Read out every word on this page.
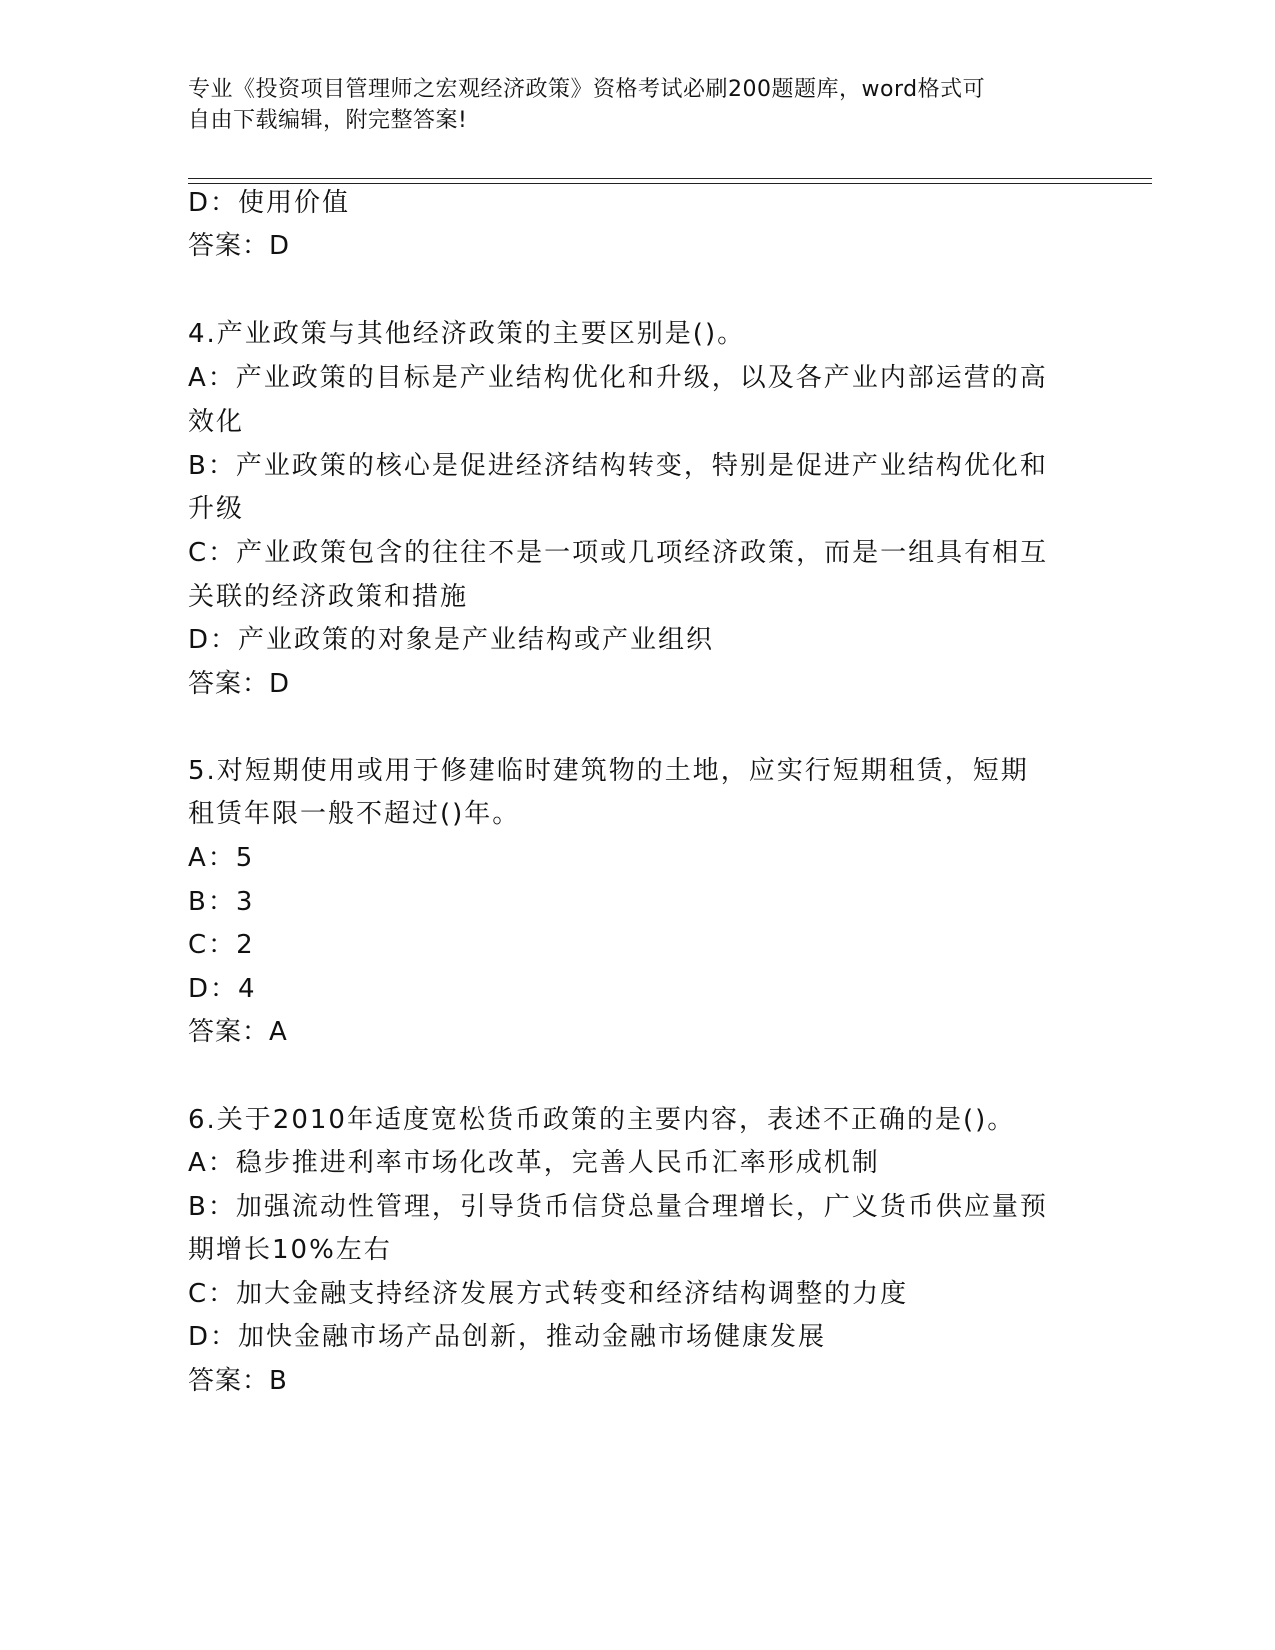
专业《投资项目管理师之宏观经济政策》资格考试必刷200题题库，word格式可
自由下载编辑，附完整答案!
D：使用价值
答案：D
4.产业政策与其他经济政策的主要区别是()。
A：产业政策的目标是产业结构优化和升级，以及各产业内部运营的高
效化
B：产业政策的核心是促进经济结构转变，特别是促进产业结构优化和
升级
C：产业政策包含的往往不是一项或几项经济政策，而是一组具有相互
关联的经济政策和措施
D：产业政策的对象是产业结构或产业组织
答案：D
5.对短期使用或用于修建临时建筑物的土地，应实行短期租赁，短期
租赁年限一般不超过()年。
A：5
B：3
C：2
D：4
答案：A
6.关于2010年适度宽松货币政策的主要内容，表述不正确的是()。
A：稳步推进利率市场化改革，完善人民币汇率形成机制
B：加强流动性管理，引导货币信贷总量合理增长，广义货币供应量预
期增长10%左右
C：加大金融支持经济发展方式转变和经济结构调整的力度
D：加快金融市场产品创新，推动金融市场健康发展
答案：B
